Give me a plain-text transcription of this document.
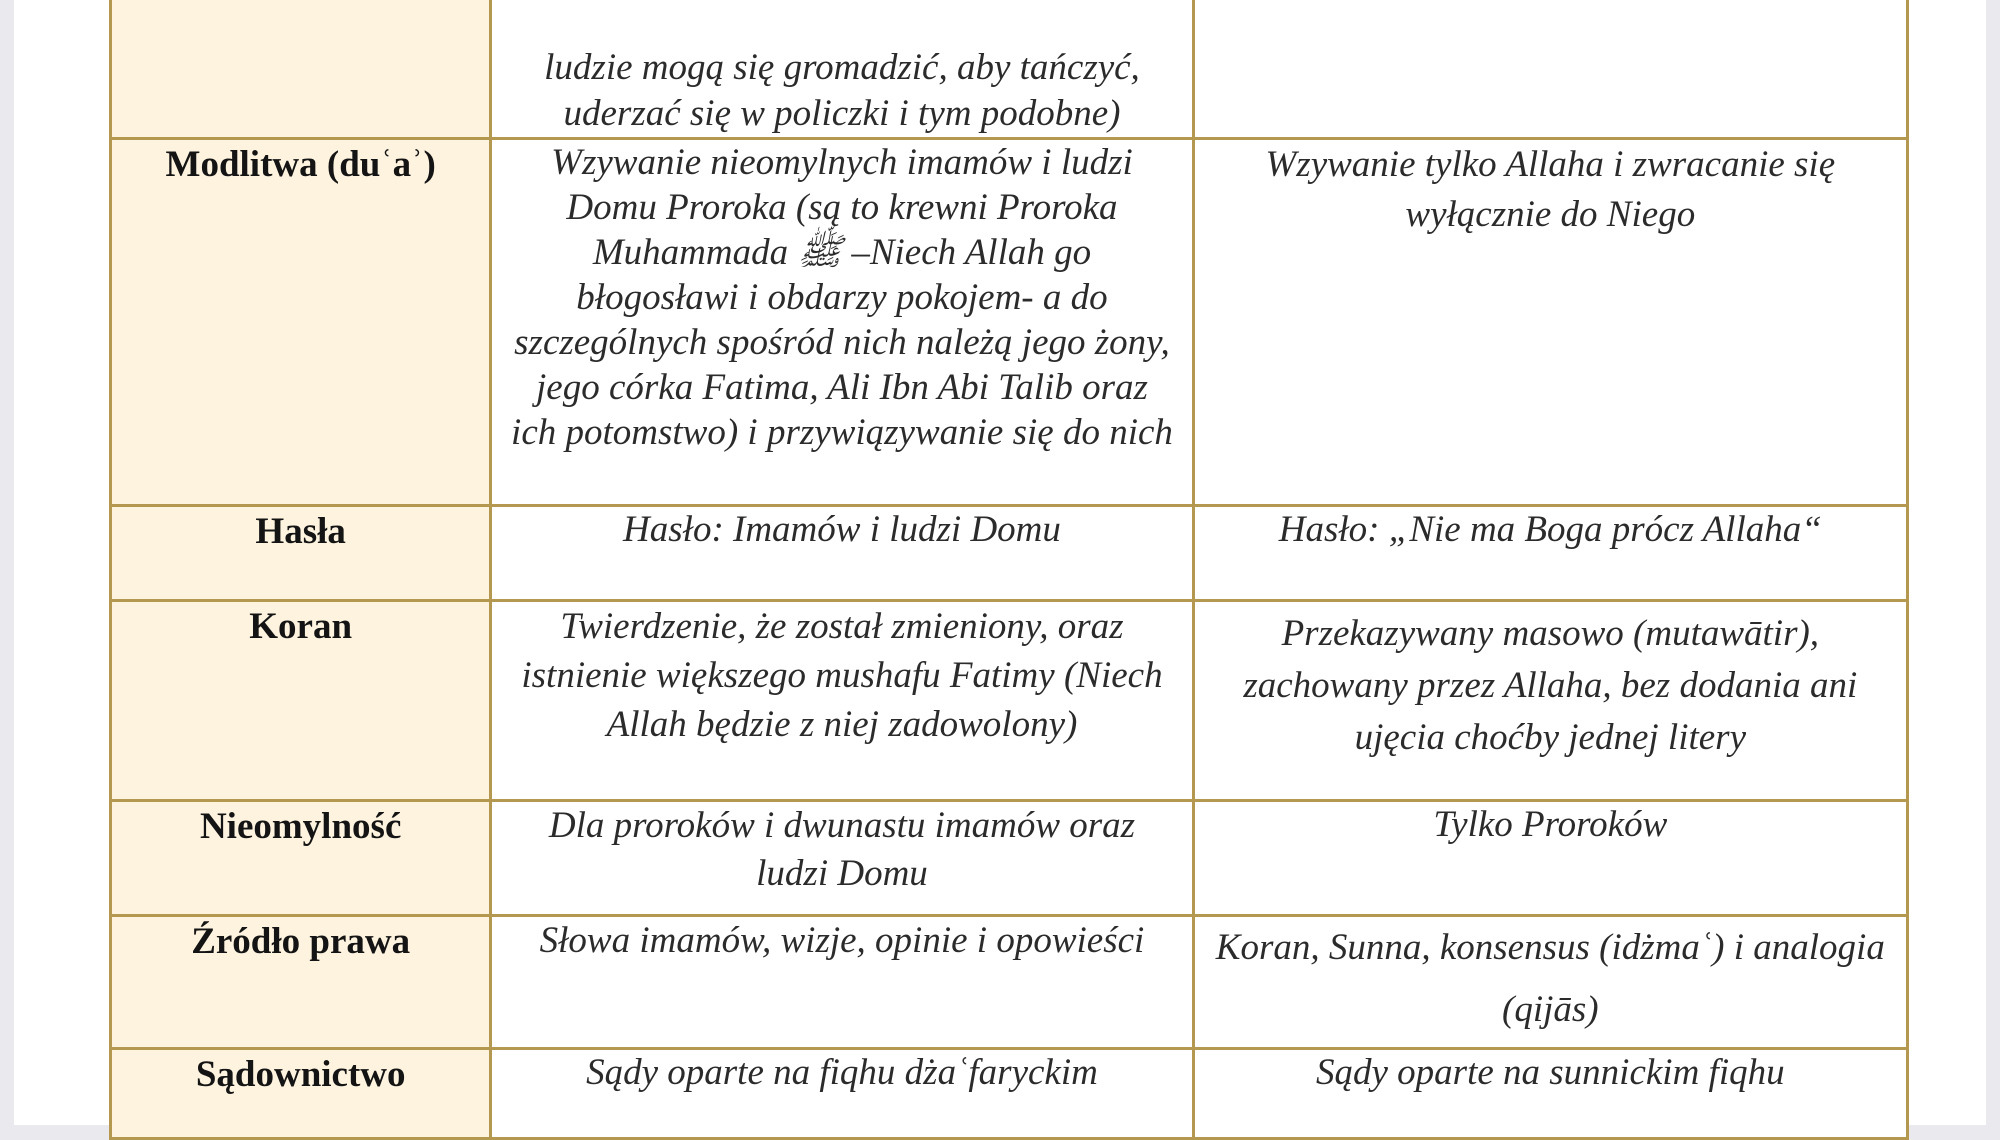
	ludzie mogą się gromadzić, aby tańczyć, uderzać się w policzki i tym podobne)	

Modlitwa (duʿaʾ)	Wzywanie nieomylnych imamów i ludzi Domu Proroka (są to krewni Proroka Muhammada ﷺ –Niech Allah go błogosławi i obdarzy pokojem- a do szczególnych spośród nich należą jego żony, jego córka Fatima, Ali Ibn Abi Talib oraz ich potomstwo) i przywiązywanie się do nich	Wzywanie tylko Allaha i zwracanie się wyłącznie do Niego
Hasła	Hasło: Imamów i ludzi Domu	Hasło: „Nie ma Boga prócz Allaha“
Koran	Twierdzenie, że został zmieniony, oraz istnienie większego mushafu Fatimy (Niech Allah będzie z niej zadowolony)	Przekazywany masowo (mutawātir), zachowany przez Allaha, bez dodania ani ujęcia choćby jednej litery
Nieomylność	Dla proroków i dwunastu imamów oraz ludzi Domu	Tylko Proroków
Źródło prawa	Słowa imamów, wizje, opinie i opowieści	Koran, Sunna, konsensus (idżmaʿ) i analogia (qijās)
Sądownictwo	Sądy oparte na fiqhu dżaʿfaryckim	Sądy oparte na sunnickim fiqhu
